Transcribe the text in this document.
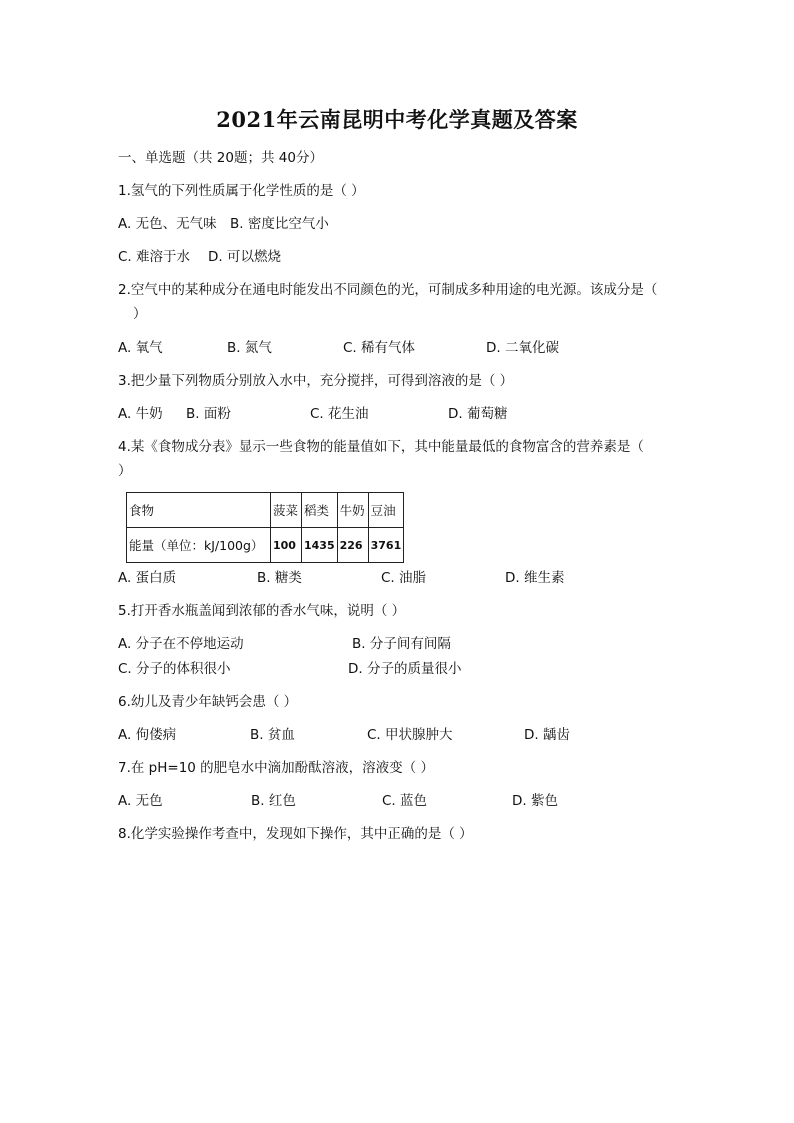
2021年云南昆明中考化学真题及答案
一、单选题（共 20题；共 40分）
1.氢气的下列性质属于化学性质的是（ ）
A. 无色、无气味 B. 密度比空气小
C. 难溶于水 D. 可以燃烧
2.空气中的某种成分在通电时能发出不同颜色的光，可制成多种用途的电光源。该成分是（
）
A. 氧气	B. 氮气	C. 稀有气体	D. 二氧化碳
3.把少量下列物质分别放入水中，充分搅拌，可得到溶液的是（ ）
A. 牛奶 B. 面粉	C. 花生油	D. 葡萄糖
4.某《食物成分表》显示一些食物的能量值如下，其中能量最低的食物富含的营养素是（
）
食物	菠菜	稻类	牛奶	豆油
能量（单位：kJ/100g）	100	1435	226	3761
A. 蛋白质	B. 糖类	C. 油脂	D. 维生素
5.打开香水瓶盖闻到浓郁的香水气味，说明（ ）
A. 分子在不停地运动	B. 分子间有间隔
C. 分子的体积很小	D. 分子的质量很小
6.幼儿及青少年缺钙会患（ ）
A. 佝偻病	B. 贫血	C. 甲状腺肿大	D. 龋齿
7.在 pH=10 的肥皂水中滴加酚酞溶液，溶液变（ ）
A. 无色	B. 红色	C. 蓝色	D. 紫色
8.化学实验操作考查中，发现如下操作，其中正确的是（ ）
